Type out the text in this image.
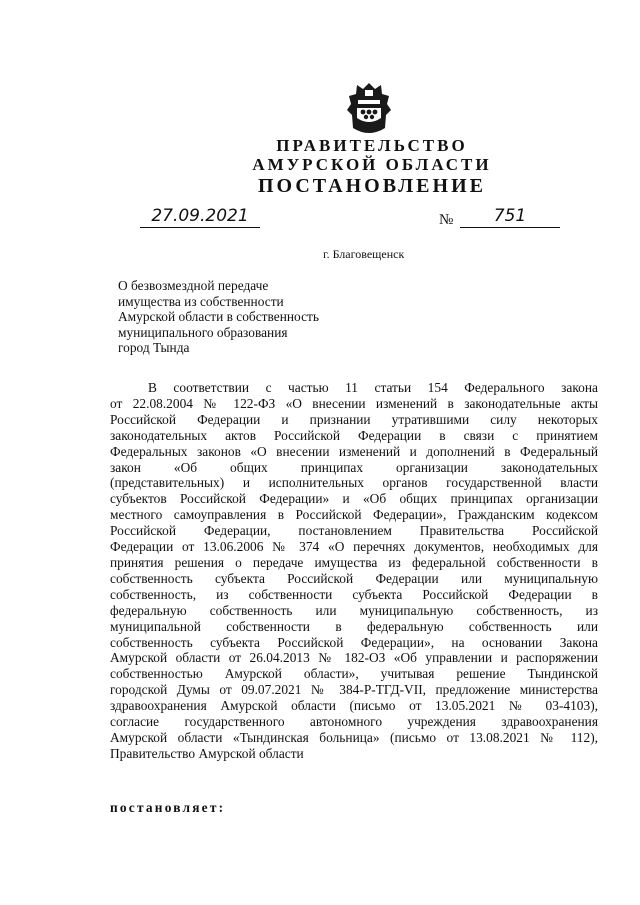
ПРАВИТЕЛЬСТВО
АМУРСКОЙ ОБЛАСТИ
ПОСТАНОВЛЕНИЕ
27.09.2021	№	751
г. Благовещенск
О безвозмездной передаче
имущества из собственности
Амурской области в собственность
муниципального образования
город Тында
В соответствии с частью 11 статьи 154 Федерального закона
от 22.08.2004 № 122-ФЗ «О внесении изменений в законодательные акты
Российской Федерации и признании утратившими силу некоторых
законодательных актов Российской Федерации в связи с принятием
Федеральных законов «О внесении изменений и дополнений в Федеральный
закон «Об общих принципах организации законодательных
(представительных) и исполнительных органов государственной власти
субъектов Российской Федерации» и «Об общих принципах организации
местного самоуправления в Российской Федерации», Гражданским кодексом
Российской Федерации, постановлением Правительства Российской
Федерации от 13.06.2006 № 374 «О перечнях документов, необходимых для
принятия решения о передаче имущества из федеральной собственности в
собственность субъекта Российской Федерации или муниципальную
собственность, из собственности субъекта Российской Федерации в
федеральную собственность или муниципальную собственность, из
муниципальной собственности в федеральную собственность или
собственность субъекта Российской Федерации», на основании Закона
Амурской области от 26.04.2013 № 182-ОЗ «Об управлении и распоряжении
собственностью Амурской области», учитывая решение Тындинской
городской Думы от 09.07.2021 № 384-Р-ТГД-VII, предложение министерства
здравоохранения Амурской области (письмо от 13.05.2021 № 03-4103),
согласие государственного автономного учреждения здравоохранения
Амурской области «Тындинская больница» (письмо от 13.08.2021 № 112),
Правительство Амурской области
постановляет:
